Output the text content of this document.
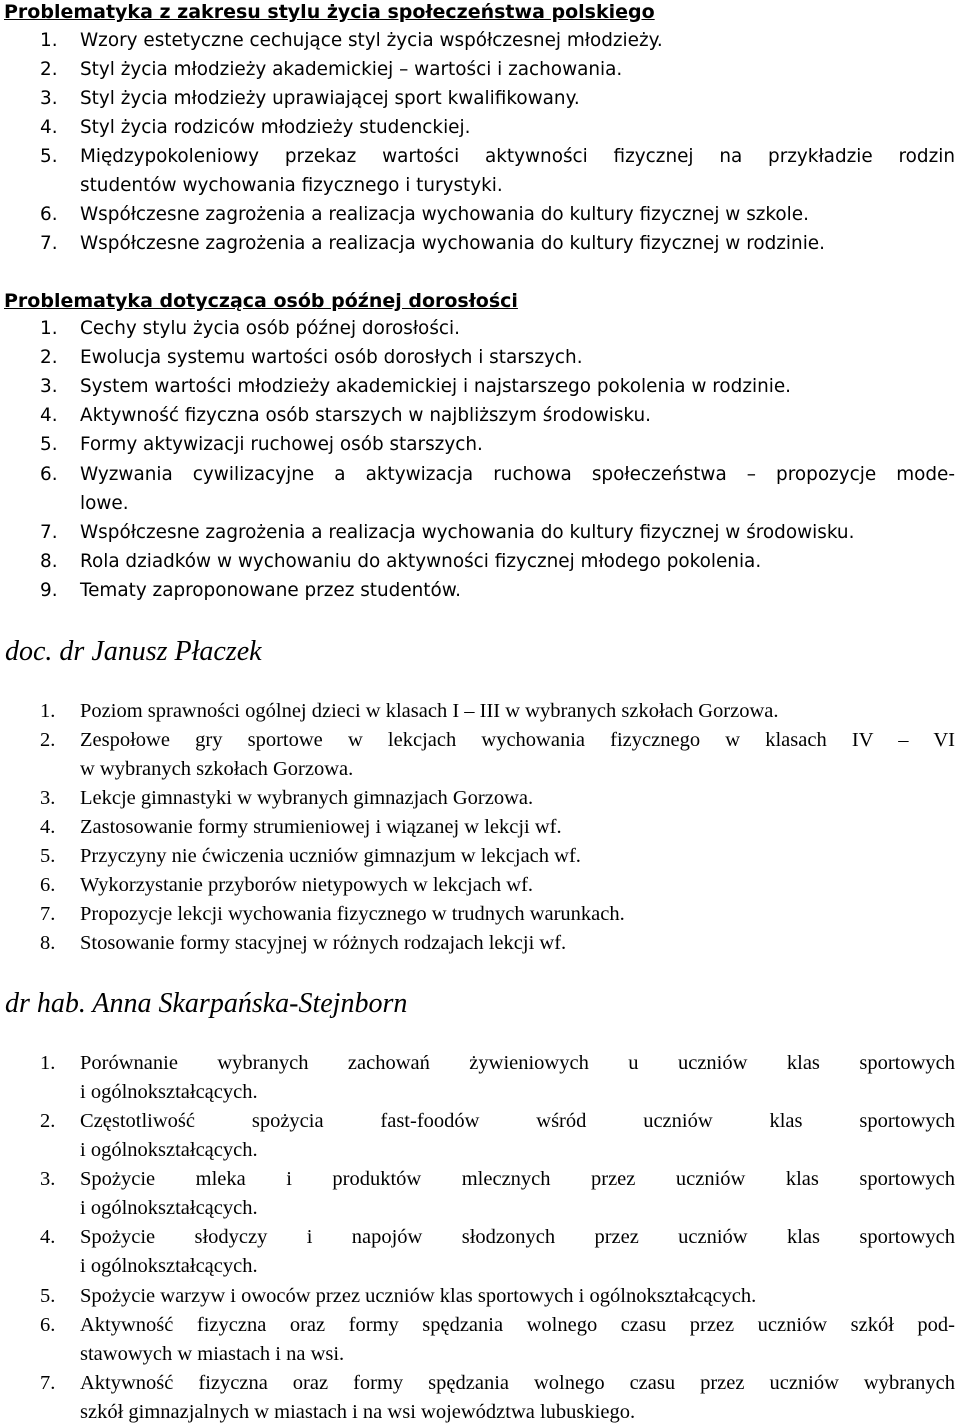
Problematyka z zakresu stylu życia społeczeństwa polskiego
1. Wzory estetyczne cechujące styl życia współczesnej młodzieży.
2. Styl życia młodzieży akademickiej – wartości i zachowania.
3. Styl życia młodzieży uprawiającej sport kwalifikowany.
4. Styl życia rodziców młodzieży studenckiej.
5. Międzypokoleniowy przekaz wartości aktywności fizycznej na przykładzie rodzin
studentów wychowania fizycznego i turystyki.
6. Współczesne zagrożenia a realizacja wychowania do kultury fizycznej w szkole.
7. Współczesne zagrożenia a realizacja wychowania do kultury fizycznej w rodzinie.
Problematyka dotycząca osób późnej dorosłości
1. Cechy stylu życia osób późnej dorosłości.
2. Ewolucja systemu wartości osób dorosłych i starszych.
3. System wartości młodzieży akademickiej i najstarszego pokolenia w rodzinie.
4. Aktywność fizyczna osób starszych w najbliższym środowisku.
5. Formy aktywizacji ruchowej osób starszych.
6. Wyzwania cywilizacyjne a aktywizacja ruchowa społeczeństwa – propozycje mode-
lowe.
7. Współczesne zagrożenia a realizacja wychowania do kultury fizycznej w środowisku.
8. Rola dziadków w wychowaniu do aktywności fizycznej młodego pokolenia.
9. Tematy zaproponowane przez studentów.
doc. dr Janusz Płaczek
1. Poziom sprawności ogólnej dzieci w klasach I – III w wybranych szkołach Gorzowa.
2. Zespołowe gry sportowe w lekcjach wychowania fizycznego w klasach IV – VI
w wybranych szkołach Gorzowa.
3. Lekcje gimnastyki w wybranych gimnazjach Gorzowa.
4. Zastosowanie formy strumieniowej i wiązanej w lekcji wf.
5. Przyczyny nie ćwiczenia uczniów gimnazjum w lekcjach wf.
6. Wykorzystanie przyborów nietypowych w lekcjach wf.
7. Propozycje lekcji wychowania fizycznego w trudnych warunkach.
8. Stosowanie formy stacyjnej w różnych rodzajach lekcji wf.
dr hab. Anna Skarpańska-Stejnborn
1. Porównanie wybranych zachowań żywieniowych u uczniów klas sportowych
i ogólnokształcących.
2. Częstotliwość spożycia fast-foodów wśród uczniów klas sportowych
i ogólnokształcących.
3. Spożycie mleka i produktów mlecznych przez uczniów klas sportowych
i ogólnokształcących.
4. Spożycie słodyczy i napojów słodzonych przez uczniów klas sportowych
i ogólnokształcących.
5. Spożycie warzyw i owoców przez uczniów klas sportowych i ogólnokształcących.
6. Aktywność fizyczna oraz formy spędzania wolnego czasu przez uczniów szkół pod-
stawowych w miastach i na wsi.
7. Aktywność fizyczna oraz formy spędzania wolnego czasu przez uczniów wybranych
szkół gimnazjalnych w miastach i na wsi województwa lubuskiego.
